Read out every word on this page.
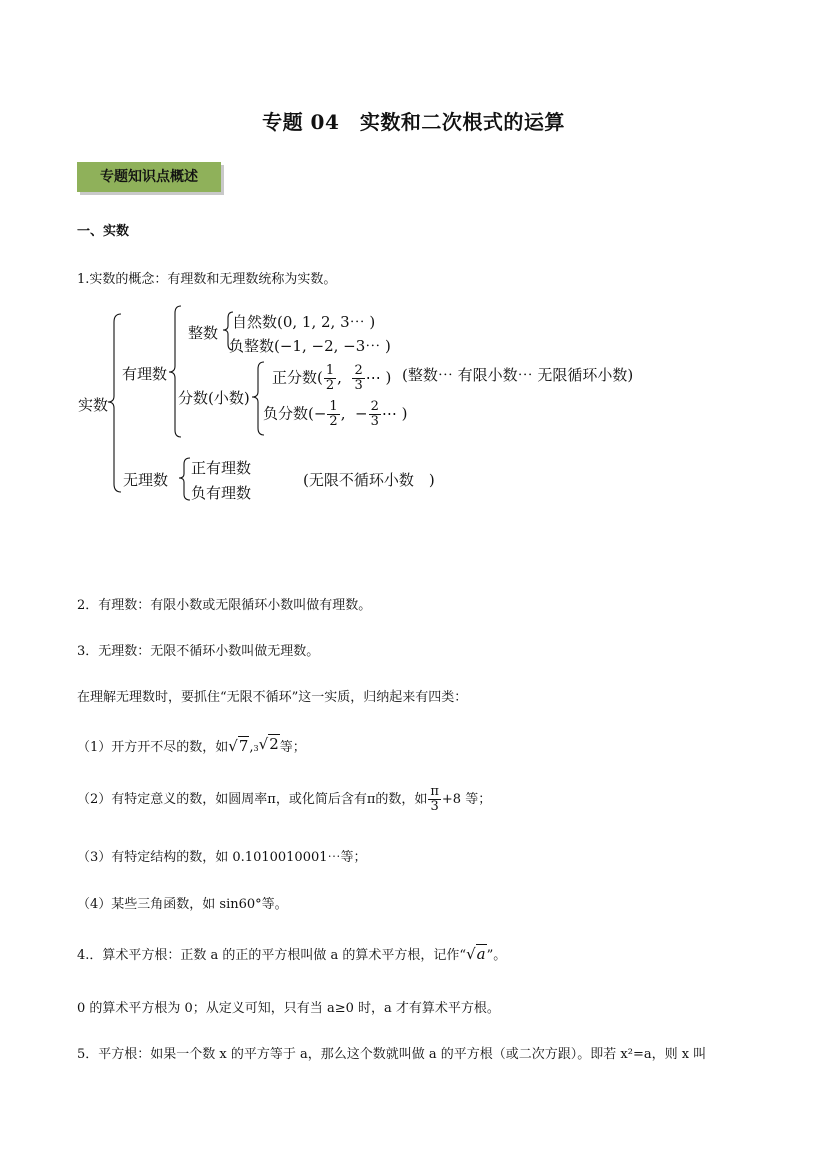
专题 04　实数和二次根式的运算
专题知识点概述
一、实数
1.实数的概念：有理数和无理数统称为实数。
实数
有理数
整数
自然数(0, 1, 2, 3⋯ )
负整数(−1, −2, −3⋯ )
分数(小数)
正分数( $\frac{1}{2}$ , $\frac{2}{3}$ ⋯ )
负分数(− $\frac{1}{2}$ ,  − $\frac{2}{3}$ ⋯ )
(整数⋯ 有限小数⋯ 无限循环小数)
无理数
正有理数
负有理数
(无限不循环小数　)
2．有理数：有限小数或无限循环小数叫做有理数。
3．无理数：无限不循环小数叫做无理数。
在理解无理数时，要抓住“无限不循环”这一实质，归纳起来有四类：
（1）开方开不尽的数，如 √ 7 , 3 √ 2 等；
（2）有特定意义的数，如圆周率π，或化简后含有π的数，如 $\frac{\pi}{3} +8$ 等；
（3）有特定结构的数，如 0.1010010001⋯等；
（4）某些三角函数，如 sin60°等。
4.．算术平方根：正数 a 的正的平方根叫做 a 的算术平方根，记作“ √ a ”。
0 的算术平方根为 0；从定义可知，只有当 a≥0 时，a 才有算术平方根。
5．平方根：如果一个数 x 的平方等于 a，那么这个数就叫做 a 的平方根（或二次方跟）。即若 x²=a，则 x 叫
